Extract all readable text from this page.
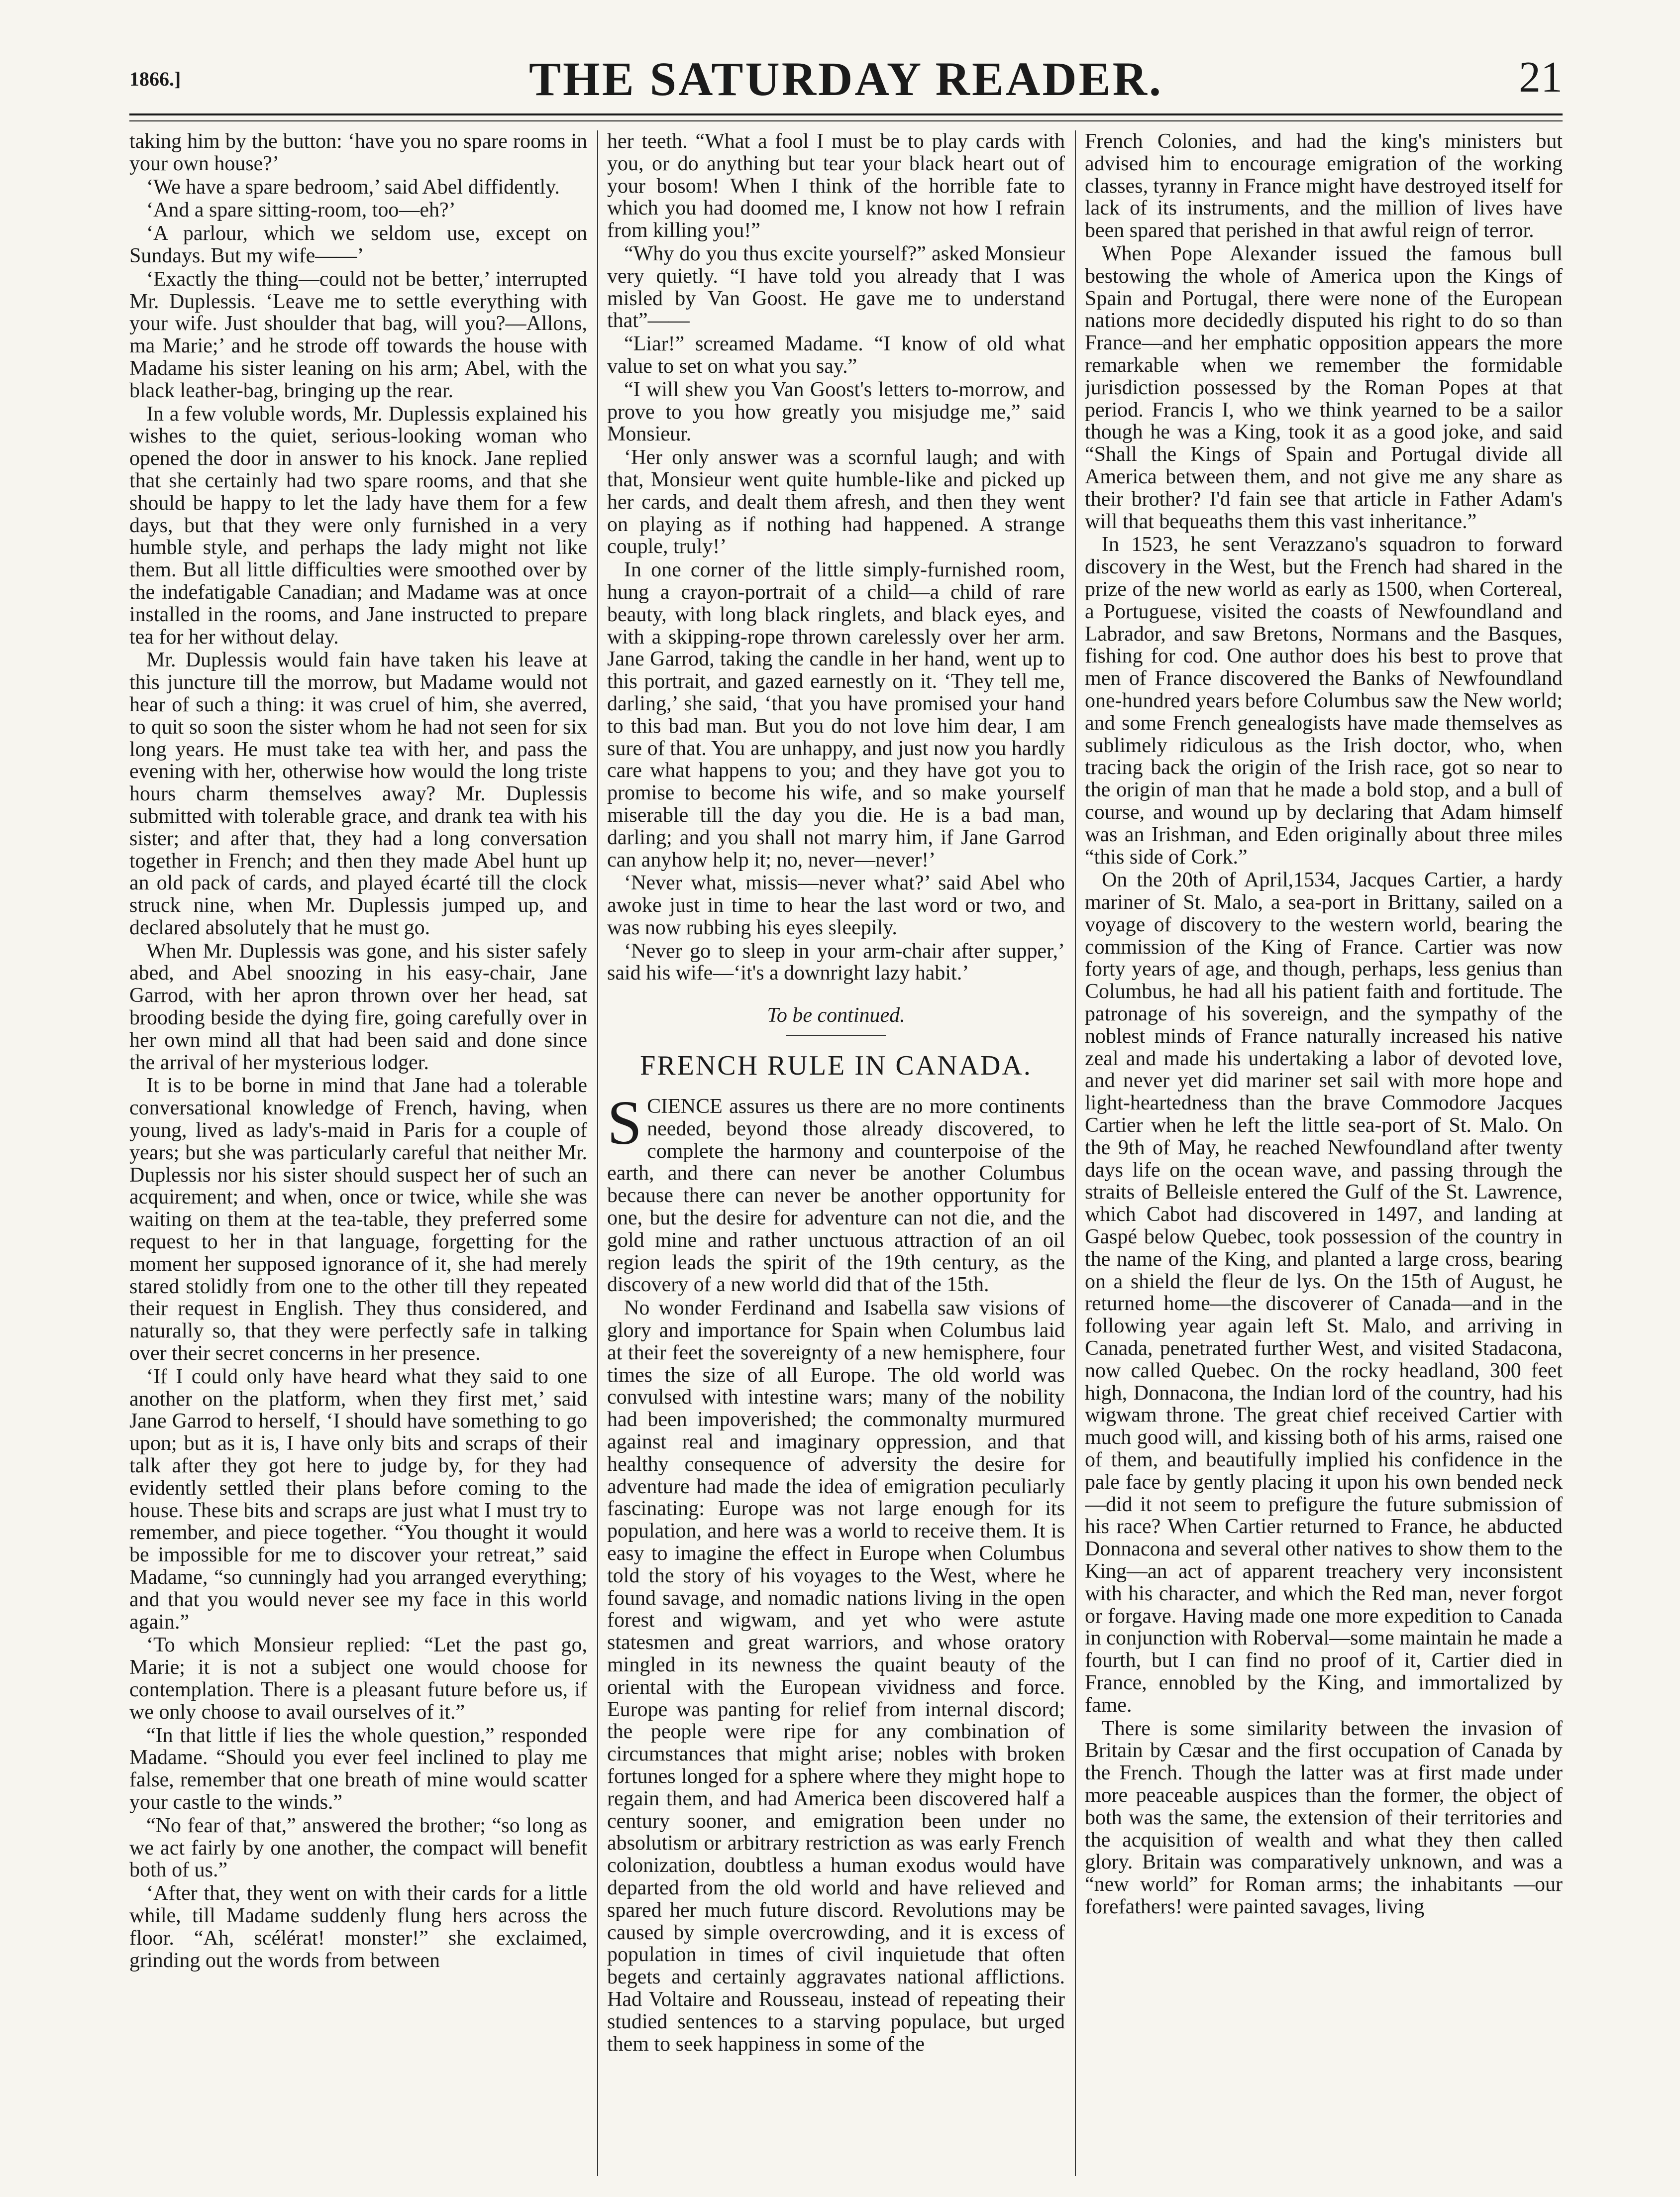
1866.]	THE SATURDAY READER.	21

taking him by the button: ‘have you no spare rooms in your own house?’

‘We have a spare bedroom,’ said Abel diffidently.

‘And a spare sitting-room, too—eh?’

‘A parlour, which we seldom use, except on Sundays. But my wife——’

‘Exactly the thing—could not be better,’ interrupted Mr. Duplessis. ‘Leave me to settle everything with your wife. Just shoulder that bag, will you?—Allons, ma Marie;’ and he strode off towards the house with Madame his sister leaning on his arm; Abel, with the black leather-bag, bringing up the rear.

In a few voluble words, Mr. Duplessis explained his wishes to the quiet, serious-looking woman who opened the door in answer to his knock. Jane replied that she certainly had two spare rooms, and that she should be happy to let the lady have them for a few days, but that they were only furnished in a very humble style, and perhaps the lady might not like them. But all little difficulties were smoothed over by the indefatigable Canadian; and Madame was at once installed in the rooms, and Jane instructed to prepare tea for her without delay.

Mr. Duplessis would fain have taken his leave at this juncture till the morrow, but Madame would not hear of such a thing: it was cruel of him, she averred, to quit so soon the sister whom he had not seen for six long years. He must take tea with her, and pass the evening with her, otherwise how would the long triste hours charm themselves away? Mr. Duplessis submitted with tolerable grace, and drank tea with his sister; and after that, they had a long conversation together in French; and then they made Abel hunt up an old pack of cards, and played écarté till the clock struck nine, when Mr. Duplessis jumped up, and declared absolutely that he must go.

When Mr. Duplessis was gone, and his sister safely abed, and Abel snoozing in his easy-chair, Jane Garrod, with her apron thrown over her head, sat brooding beside the dying fire, going carefully over in her own mind all that had been said and done since the arrival of her mysterious lodger.

It is to be borne in mind that Jane had a tolerable conversational knowledge of French, having, when young, lived as lady's-maid in Paris for a couple of years; but she was particularly careful that neither Mr. Duplessis nor his sister should suspect her of such an acquirement; and when, once or twice, while she was waiting on them at the tea-table, they preferred some request to her in that language, forgetting for the moment her supposed ignorance of it, she had merely stared stolidly from one to the other till they repeated their request in English. They thus considered, and naturally so, that they were perfectly safe in talking over their secret concerns in her presence.

‘If I could only have heard what they said to one another on the platform, when they first met,’ said Jane Garrod to herself, ‘I should have something to go upon; but as it is, I have only bits and scraps of their talk after they got here to judge by, for they had evidently settled their plans before coming to the house. These bits and scraps are just what I must try to remember, and piece together. “You thought it would be impossible for me to discover your retreat,” said Madame, “so cunningly had you arranged everything; and that you would never see my face in this world again.”

‘To which Monsieur replied: “Let the past go, Marie; it is not a subject one would choose for contemplation. There is a pleasant future before us, if we only choose to avail ourselves of it.”

“In that little if lies the whole question,” responded Madame. “Should you ever feel inclined to play me false, remember that one breath of mine would scatter your castle to the winds.”

“No fear of that,” answered the brother; “so long as we act fairly by one another, the compact will benefit both of us.”

‘After that, they went on with their cards for a little while, till Madame suddenly flung hers across the floor. “Ah, scélérat! monster!” she exclaimed, grinding out the words from between

her teeth. “What a fool I must be to play cards with you, or do anything but tear your black heart out of your bosom! When I think of the horrible fate to which you had doomed me, I know not how I refrain from killing you!”

“Why do you thus excite yourself?” asked Monsieur very quietly. “I have told you already that I was misled by Van Goost. He gave me to understand that”——

“Liar!” screamed Madame. “I know of old what value to set on what you say.”

“I will shew you Van Goost's letters to-morrow, and prove to you how greatly you misjudge me,” said Monsieur.

‘Her only answer was a scornful laugh; and with that, Monsieur went quite humble-like and picked up her cards, and dealt them afresh, and then they went on playing as if nothing had happened. A strange couple, truly!’

In one corner of the little simply-furnished room, hung a crayon-portrait of a child—a child of rare beauty, with long black ringlets, and black eyes, and with a skipping-rope thrown carelessly over her arm. Jane Garrod, taking the candle in her hand, went up to this portrait, and gazed earnestly on it. ‘They tell me, darling,’ she said, ‘that you have promised your hand to this bad man. But you do not love him dear, I am sure of that. You are unhappy, and just now you hardly care what happens to you; and they have got you to promise to become his wife, and so make yourself miserable till the day you die. He is a bad man, darling; and you shall not marry him, if Jane Garrod can anyhow help it; no, never—never!’

‘Never what, missis—never what?’ said Abel who awoke just in time to hear the last word or two, and was now rubbing his eyes sleepily.

‘Never go to sleep in your arm-chair after supper,’ said his wife—‘it's a downright lazy habit.’

To be continued.

FRENCH RULE IN CANADA.

SCIENCE assures us there are no more continents needed, beyond those already discovered, to complete the harmony and counterpoise of the earth, and there can never be another Columbus because there can never be another opportunity for one, but the desire for adventure can not die, and the gold mine and rather unctuous attraction of an oil region leads the spirit of the 19th century, as the discovery of a new world did that of the 15th.

No wonder Ferdinand and Isabella saw visions of glory and importance for Spain when Columbus laid at their feet the sovereignty of a new hemisphere, four times the size of all Europe. The old world was convulsed with intestine wars; many of the nobility had been impoverished; the commonalty murmured against real and imaginary oppression, and that healthy consequence of adversity the desire for adventure had made the idea of emigration peculiarly fascinating: Europe was not large enough for its population, and here was a world to receive them. It is easy to imagine the effect in Europe when Columbus told the story of his voyages to the West, where he found savage, and nomadic nations living in the open forest and wigwam, and yet who were astute statesmen and great warriors, and whose oratory mingled in its newness the quaint beauty of the oriental with the European vividness and force. Europe was panting for relief from internal discord; the people were ripe for any combination of circumstances that might arise; nobles with broken fortunes longed for a sphere where they might hope to regain them, and had America been discovered half a century sooner, and emigration been under no absolutism or arbitrary restriction as was early French colonization, doubtless a human exodus would have departed from the old world and have relieved and spared her much future discord. Revolutions may be caused by simple overcrowding, and it is excess of population in times of civil inquietude that often begets and certainly aggravates national afflictions. Had Voltaire and Rousseau, instead of repeating their studied sentences to a starving populace, but urged them to seek happiness in some of the

French Colonies, and had the king's ministers but advised him to encourage emigration of the working classes, tyranny in France might have destroyed itself for lack of its instruments, and the million of lives have been spared that perished in that awful reign of terror.

When Pope Alexander issued the famous bull bestowing the whole of America upon the Kings of Spain and Portugal, there were none of the European nations more decidedly disputed his right to do so than France—and her emphatic opposition appears the more remarkable when we remember the formidable jurisdiction possessed by the Roman Popes at that period. Francis I, who we think yearned to be a sailor though he was a King, took it as a good joke, and said “Shall the Kings of Spain and Portugal divide all America between them, and not give me any share as their brother? I'd fain see that article in Father Adam's will that bequeaths them this vast inheritance.”

In 1523, he sent Verazzano's squadron to forward discovery in the West, but the French had shared in the prize of the new world as early as 1500, when Cortereal, a Portuguese, visited the coasts of Newfoundland and Labrador, and saw Bretons, Normans and the Basques, fishing for cod. One author does his best to prove that men of France discovered the Banks of Newfoundland one-hundred years before Columbus saw the New world; and some French genealogists have made themselves as sublimely ridiculous as the Irish doctor, who, when tracing back the origin of the Irish race, got so near to the origin of man that he made a bold stop, and a bull of course, and wound up by declaring that Adam himself was an Irishman, and Eden originally about three miles “this side of Cork.”

On the 20th of April,1534, Jacques Cartier, a hardy mariner of St. Malo, a sea-port in Brittany, sailed on a voyage of discovery to the western world, bearing the commission of the King of France. Cartier was now forty years of age, and though, perhaps, less genius than Columbus, he had all his patient faith and fortitude. The patronage of his sovereign, and the sympathy of the noblest minds of France naturally increased his native zeal and made his undertaking a labor of devoted love, and never yet did mariner set sail with more hope and light-heartedness than the brave Commodore Jacques Cartier when he left the little sea-port of St. Malo. On the 9th of May, he reached Newfoundland after twenty days life on the ocean wave, and passing through the straits of Belleisle entered the Gulf of the St. Lawrence, which Cabot had discovered in 1497, and landing at Gaspé below Quebec, took possession of the country in the name of the King, and planted a large cross, bearing on a shield the fleur de lys. On the 15th of August, he returned home—the discoverer of Canada—and in the following year again left St. Malo, and arriving in Canada, penetrated further West, and visited Stadacona, now called Quebec. On the rocky headland, 300 feet high, Donnacona, the Indian lord of the country, had his wigwam throne. The great chief received Cartier with much good will, and kissing both of his arms, raised one of them, and beautifully implied his confidence in the pale face by gently placing it upon his own bended neck—did it not seem to prefigure the future submission of his race? When Cartier returned to France, he abducted Donnacona and several other natives to show them to the King—an act of apparent treachery very inconsistent with his character, and which the Red man, never forgot or forgave. Having made one more expedition to Canada in conjunction with Roberval—some maintain he made a fourth, but I can find no proof of it, Cartier died in France, ennobled by the King, and immortalized by fame.

There is some similarity between the invasion of Britain by Cæsar and the first occupation of Canada by the French. Though the latter was at first made under more peaceable auspices than the former, the object of both was the same, the extension of their territories and the acquisition of wealth and what they then called glory. Britain was comparatively unknown, and was a “new world” for Roman arms; the inhabitants —our forefathers! were painted savages, living
